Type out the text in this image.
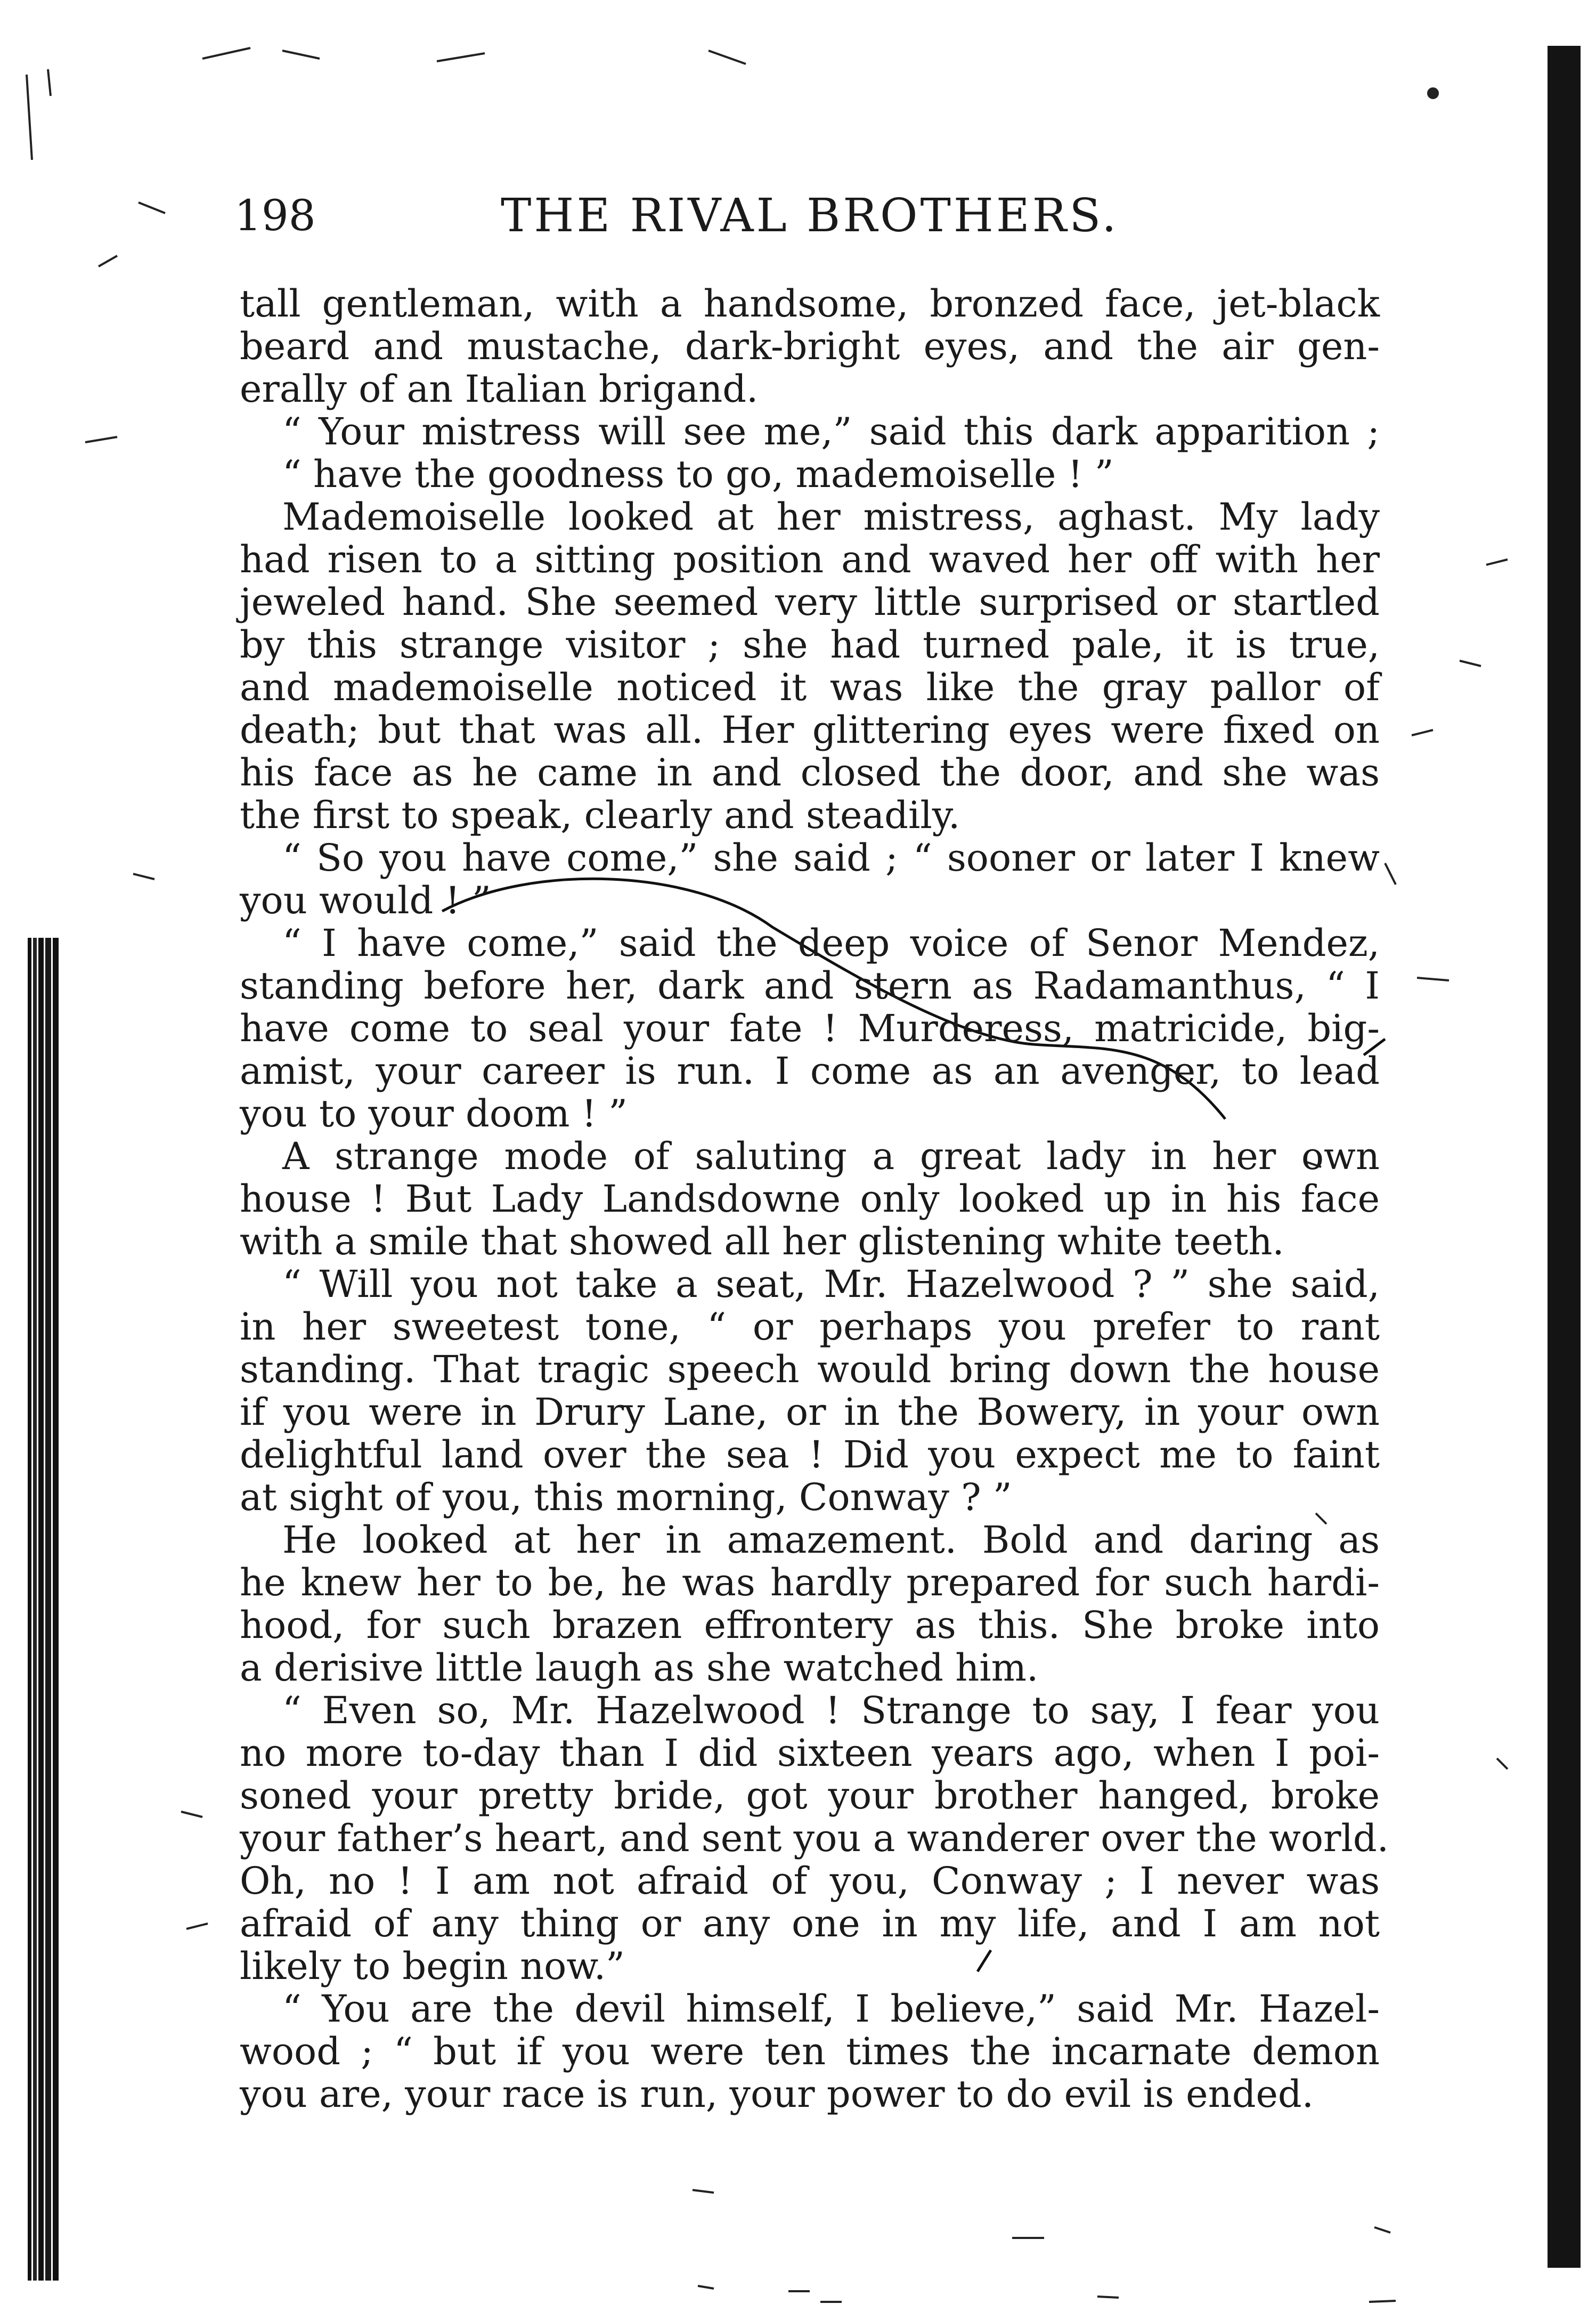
198	THE RIVAL BROTHERS.
tall gentleman, with a handsome, bronzed face, jet-black
beard and mustache, dark-bright eyes, and the air gen-
erally of an Italian brigand.
“ Your mistress will see me,” said this dark apparition ;
“ have the goodness to go, mademoiselle ! ”
Mademoiselle looked at her mistress, aghast. My lady
had risen to a sitting position and waved her off with her
jeweled hand. She seemed very little surprised or startled
by this strange visitor ; she had turned pale, it is true,
and mademoiselle noticed it was like the gray pallor of
death; but that was all. Her glittering eyes were fixed on
his face as he came in and closed the door, and she was
the first to speak, clearly and steadily.
“ So you have come,” she said ; “ sooner or later I knew
you would ! ”
“ I have come,” said the deep voice of Senor Mendez,
standing before her, dark and stern as Radamanthus, “ I
have come to seal your fate ! Murderess, matricide, big-
amist, your career is run. I come as an avenger, to lead
you to your doom ! ”
A strange mode of saluting a great lady in her own
house ! But Lady Landsdowne only looked up in his face
with a smile that showed all her glistening white teeth.
“ Will you not take a seat, Mr. Hazelwood ? ” she said,
in her sweetest tone, “ or perhaps you prefer to rant
standing. That tragic speech would bring down the house
if you were in Drury Lane, or in the Bowery, in your own
delightful land over the sea ! Did you expect me to faint
at sight of you, this morning, Conway ? ”
He looked at her in amazement. Bold and daring as
he knew her to be, he was hardly prepared for such hardi-
hood, for such brazen effrontery as this. She broke into
a derisive little laugh as she watched him.
“ Even so, Mr. Hazelwood ! Strange to say, I fear you
no more to-day than I did sixteen years ago, when I poi-
soned your pretty bride, got your brother hanged, broke
your father’s heart, and sent you a wanderer over the world.
Oh, no ! I am not afraid of you, Conway ; I never was
afraid of any thing or any one in my life, and I am not
likely to begin now.”
“ You are the devil himself, I believe,” said Mr. Hazel-
wood ; “ but if you were ten times the incarnate demon
you are, your race is run, your power to do evil is ended.
